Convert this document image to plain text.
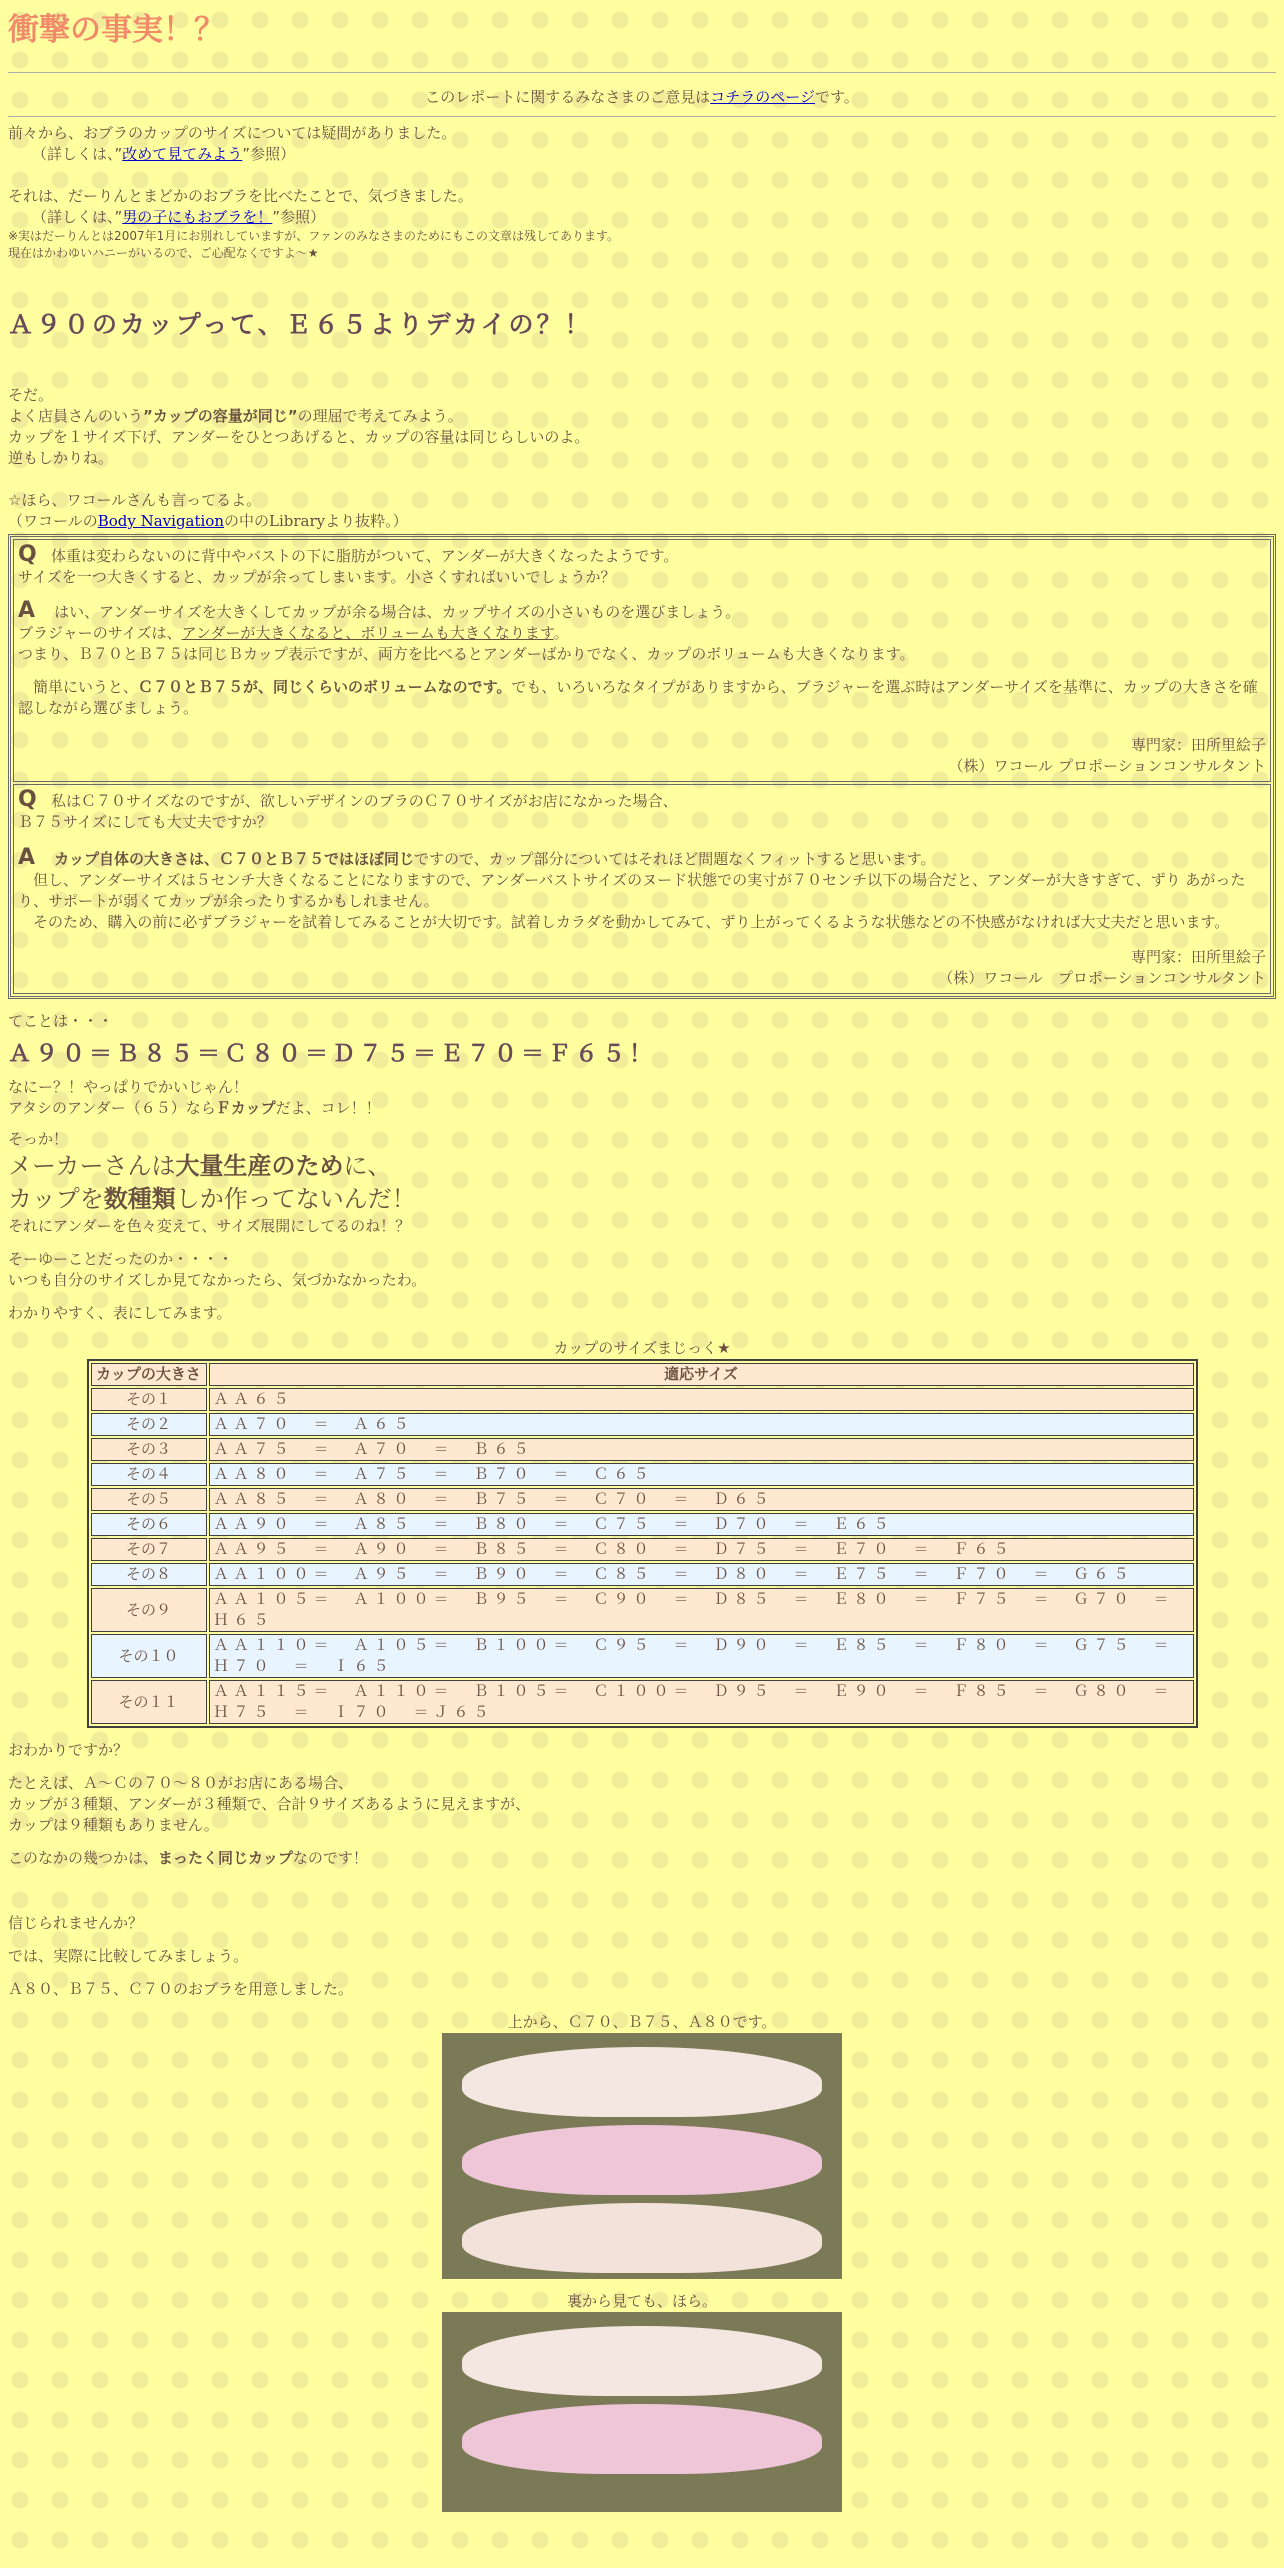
衝撃の事実！？
このレポートに関するみなさまのご意見はコチラのページです。
前々から、おブラのカップのサイズについては疑問がありました。
（詳しくは、”改めて見てみよう”参照）
それは、だーりんとまどかのおブラを比べたことで、気づきました。
（詳しくは、”男の子にもおブラを！”参照）
※実はだーりんとは2007年1月にお別れしていますが、ファンのみなさまのためにもこの文章は残してあります。
現在はかわゆいハニーがいるので、ご心配なくですよ～★
Ａ９０のカップって、Ｅ６５よりデカイの？！
そだ。
よく店員さんのいう”カップの容量が同じ”の理屈で考えてみよう。
カップを１サイズ下げ、アンダーをひとつあげると、カップの容量は同じらしいのよ。
逆もしかりね。
☆ほら、ワコールさんも言ってるよ。
（ワコールのBody Navigationの中のLibraryより抜粋。）
Q 体重は変わらないのに背中やバストの下に脂肪がついて、アンダーが大きくなったようです。
サイズを一つ大きくすると、カップが余ってしまいます。小さくすればいいでしょうか？
A はい、アンダーサイズを大きくしてカップが余る場合は、カップサイズの小さいものを選びましょう。
ブラジャーのサイズは、アンダーが大きくなると、ボリュームも大きくなります。
つまり、Ｂ７０とＢ７５は同じＢカップ表示ですが、両方を比べるとアンダーばかりでなく、カップのボリュームも大きくなります。
簡単にいうと、Ｃ７０とＢ７５が、同じくらいのボリュームなのです。でも、いろいろなタイプがありますから、ブラジャーを選ぶ時はアンダーサイズを基準に、カップの大きさを確認しながら選びましょう。
専門家：田所里絵子
（株）ワコール プロポーションコンサルタント
Q 私はＣ７０サイズなのですが、欲しいデザインのブラのＣ７０サイズがお店になかった場合、
Ｂ７５サイズにしても大丈夫ですか？
A カップ自体の大きさは、Ｃ７０とＢ７５ではほぼ同じですので、カップ部分についてはそれほど問題なくフィットすると思います。
但し、アンダーサイズは５センチ大きくなることになりますので、アンダーバストサイズのヌード状態での実寸が７０センチ以下の場合だと、アンダーが大きすぎて、ずり あがったり、サポートが弱くてカップが余ったりするかもしれません。
そのため、購入の前に必ずブラジャーを試着してみることが大切です。試着しカラダを動かしてみて、ずり上がってくるような状態などの不快感がなければ大丈夫だと思います。
専門家：田所里絵子
（株）ワコール　プロポーションコンサルタント
てことは・・・
Ａ９０＝Ｂ８５＝Ｃ８０＝Ｄ７５＝Ｅ７０＝Ｆ６５！
なにー？！やっぱりでかいじゃん！
アタシのアンダー（６５）ならＦカップだよ、コレ！！
そっか！
メーカーさんは大量生産のために、
カップを数種類しか作ってないんだ！
それにアンダーを色々変えて、サイズ展開にしてるのね！？
そーゆーことだったのか・・・・
いつも自分のサイズしか見てなかったら、気づかなかったわ。
わかりやすく、表にしてみます。
カップのサイズまじっく★
カップの大きさ	適応サイズ
その１	ＡＡ６５
その２	ＡＡ７０　＝　Ａ６５
その３	ＡＡ７５　＝　Ａ７０　＝　Ｂ６５
その４	ＡＡ８０　＝　Ａ７５　＝　Ｂ７０　＝　Ｃ６５
その５	ＡＡ８５　＝　Ａ８０　＝　Ｂ７５　＝　Ｃ７０　＝　Ｄ６５
その６	ＡＡ９０　＝　Ａ８５　＝　Ｂ８０　＝　Ｃ７５　＝　Ｄ７０　＝　Ｅ６５
その７	ＡＡ９５　＝　Ａ９０　＝　Ｂ８５　＝　Ｃ８０　＝　Ｄ７５　＝　Ｅ７０　＝　Ｆ６５
その８	ＡＡ１００＝　Ａ９５　＝　Ｂ９０　＝　Ｃ８５　＝　Ｄ８０　＝　Ｅ７５　＝　Ｆ７０　＝　Ｇ６５
その９	ＡＡ１０５＝　Ａ１００＝　Ｂ９５　＝　Ｃ９０　＝　Ｄ８５　＝　Ｅ８０　＝　Ｆ７５　＝　Ｇ７０　＝Ｈ６５
その１０	ＡＡ１１０＝　Ａ１０５＝　Ｂ１００＝　Ｃ９５　＝　Ｄ９０　＝　Ｅ８５　＝　Ｆ８０　＝　Ｇ７５　＝Ｈ７０　＝　Ｉ６５
その１１	ＡＡ１１５＝　Ａ１１０＝　Ｂ１０５＝　Ｃ１００＝　Ｄ９５　＝　Ｅ９０　＝　Ｆ８５　＝　Ｇ８０　＝Ｈ７５　＝　Ｉ７０　＝Ｊ６５
おわかりですか？
たとえば、Ａ～Ｃの７０～８０がお店にある場合、
カップが３種類、アンダーが３種類で、合計９サイズあるように見えますが、
カップは９種類もありません。
このなかの幾つかは、まったく同じカップなのです！
信じられませんか？
では、実際に比較してみましょう。
Ａ８０、Ｂ７５、Ｃ７０のおブラを用意しました。
上から、Ｃ７０、Ｂ７５、Ａ８０です。
裏から見ても、ほら。
